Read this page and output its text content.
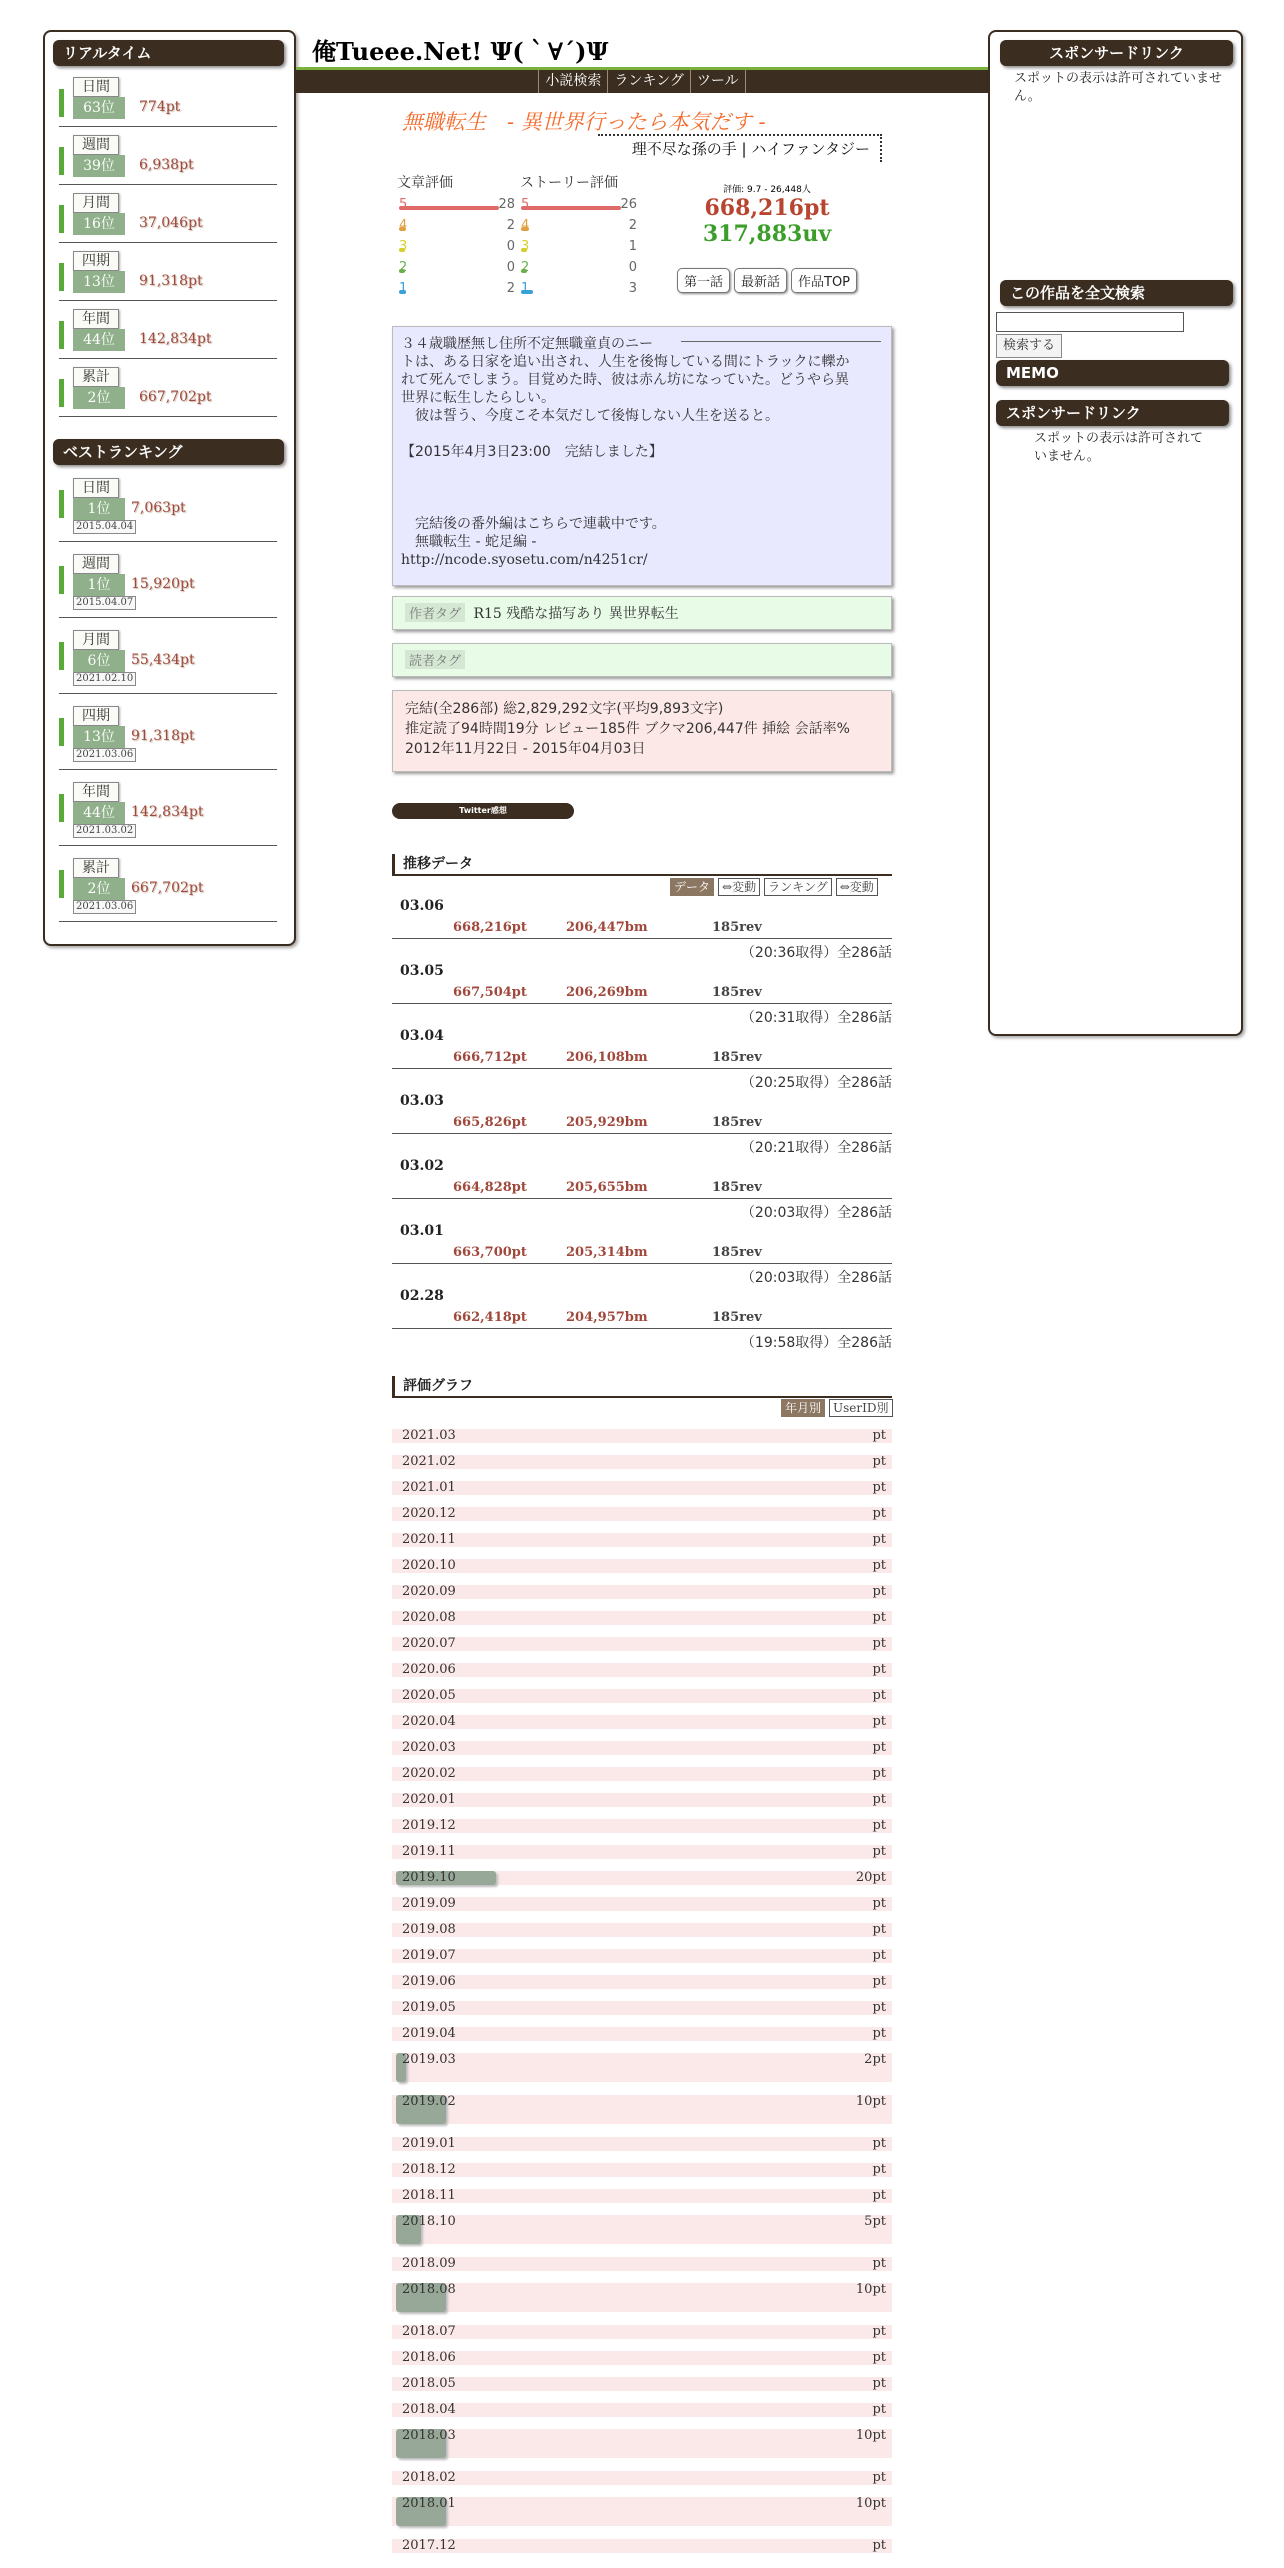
リアルタイム
日間
63位	774pt
週間
39位	6,938pt
月間
16位	37,046pt
四期
13位	91,318pt
年間
44位	142,834pt
累計
2位	667,702pt
ベストランキング
日間
1位	7,063pt
2015.04.04
週間
1位	15,920pt
2015.04.07
月間
6位	55,434pt
2021.02.10
四期
13位	91,318pt
2021.03.06
年間
44位	142,834pt
2021.03.02
累計
2位	667,702pt
2021.03.06
俺Tueee.Net! Ψ(｀∀´)Ψ
小説検索 ランキング ツール
無職転生　- 異世界行ったら本気だす -
理不尽な孫の手 | ハイファンタジー
文章評価	ストーリー評価
5	28
4	2
3	0
2	0
1	2
5	26
4	2
3	1
2	0
1	3
評価: 9.7 - 26,448人
668,216pt
317,883uv
第一話	最新話	作品TOP
３４歳職歴無し住所不定無職童貞のニー
トは、ある日家を追い出され、人生を後悔している間にトラックに轢か
れて死んでしまう。目覚めた時、彼は赤ん坊になっていた。どうやら異
世界に転生したらしい。
　彼は誓う、今度こそ本気だして後悔しない人生を送ると。
【2015年4月3日23:00　完結しました】
　完結後の番外編はこちらで連載中です。
　無職転生 - 蛇足編 -
http://ncode.syosetu.com/n4251cr/
作者タグ R15 残酷な描写あり 異世界転生
読者タグ
完結(全286部) 総2,829,292文字(平均9,893文字)
推定読了94時間19分 レビュー185件 ブクマ206,447件 挿絵 会話率%
2012年11月22日 - 2015年04月03日
Twitter感想
推移データ
データ	⇔変動	ランキング	⇔変動
03.06
668,216pt	206,447bm	185rev
（20:36取得）全286話
03.05
667,504pt	206,269bm	185rev
（20:31取得）全286話
03.04
666,712pt	206,108bm	185rev
（20:25取得）全286話
03.03
665,826pt	205,929bm	185rev
（20:21取得）全286話
03.02
664,828pt	205,655bm	185rev
（20:03取得）全286話
03.01
663,700pt	205,314bm	185rev
（20:03取得）全286話
02.28
662,418pt	204,957bm	185rev
（19:58取得）全286話
評価グラフ
年月別	UserID別
2021.03	pt
2021.02	pt
2021.01	pt
2020.12	pt
2020.11	pt
2020.10	pt
2020.09	pt
2020.08	pt
2020.07	pt
2020.06	pt
2020.05	pt
2020.04	pt
2020.03	pt
2020.02	pt
2020.01	pt
2019.12	pt
2019.11	pt
2019.10	20pt
2019.09	pt
2019.08	pt
2019.07	pt
2019.06	pt
2019.05	pt
2019.04	pt
2019.03	2pt
2019.02	10pt
2019.01	pt
2018.12	pt
2018.11	pt
2018.10	5pt
2018.09	pt
2018.08	10pt
2018.07	pt
2018.06	pt
2018.05	pt
2018.04	pt
2018.03	10pt
2018.02	pt
2018.01	10pt
2017.12	pt
スポンサードリンク
スポットの表示は許可されていません。
この作品を全文検索
検索する
MEMO
スポンサードリンク
スポットの表示は許可されていません。
